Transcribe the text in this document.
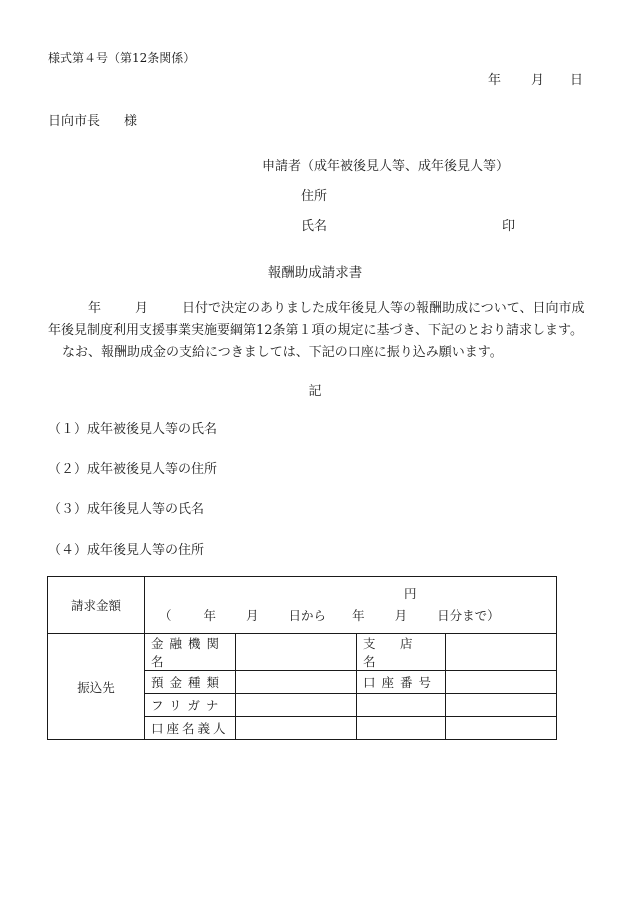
様式第４号（第12条関係）
年 月 日
日向市長 様
申請者（成年被後見人等、成年後見人等）
住所
氏名	印
報酬助成請求書
年	月	日付で決定のありました成年後見人等の報酬助成について、日向市成
年後見制度利用支援事業実施要綱第12条第１項の規定に基づき、下記のとおり請求します。
なお、報酬助成金の支給につきましては、下記の口座に振り込み願います。
記
（１）成年被後見人等の氏名
（２）成年被後見人等の住所
（３）成年後見人等の氏名
（４）成年後見人等の住所
請求金額	円
（ 年 月 日から 年 月 日分まで）			

振込先	金融機関名		支　店　名	
	預金種類		口座番号	
	フリガナ			
	口座名義人			
